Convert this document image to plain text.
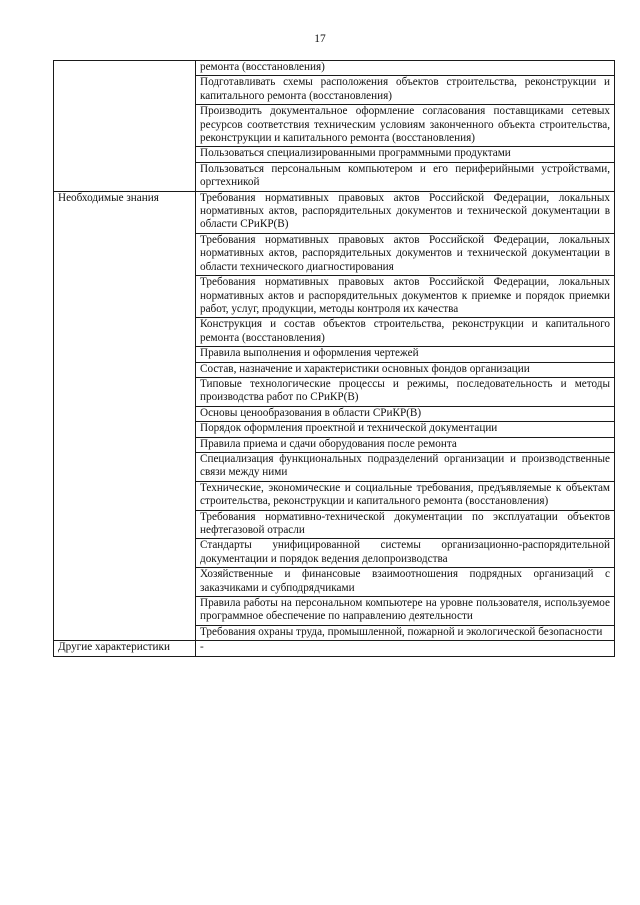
17
	ремонта (восстановления)
	Подготавливать схемы расположения объектов строительства, реконструкции и капитального ремонта (восстановления)
	Производить документальное оформление согласования поставщиками сетевых ресурсов соответствия техническим условиям законченного объекта строительства, реконструкции и капитального ремонта (восстановления)
	Пользоваться специализированными программными продуктами
	Пользоваться персональным компьютером и его периферийными устройствами, оргтехникой
Необходимые знания	Требования нормативных правовых актов Российской Федерации, локальных нормативных актов, распорядительных документов и технической документации в области СРиКР(В)
	Требования нормативных правовых актов Российской Федерации, локальных нормативных актов, распорядительных документов и технической документации в области технического диагностирования
	Требования нормативных правовых актов Российской Федерации, локальных нормативных актов и распорядительных документов к приемке и порядок приемки работ, услуг, продукции, методы контроля их качества
	Конструкция и состав объектов строительства, реконструкции и капитального ремонта (восстановления)
	Правила выполнения и оформления чертежей
	Состав, назначение и характеристики основных фондов организации
	Типовые технологические процессы и режимы, последовательность и методы производства работ по СРиКР(В)
	Основы ценообразования в области СРиКР(В)
	Порядок оформления проектной и технической документации
	Правила приема и сдачи оборудования после ремонта
	Специализация функциональных подразделений организации и производственные связи между ними
	Технические, экономические и социальные требования, предъявляемые к объектам строительства, реконструкции и капитального ремонта (восстановления)
	Требования нормативно-технической документации по эксплуатации объектов нефтегазовой отрасли
	Стандарты унифицированной системы организационно-распорядительной документации и порядок ведения делопроизводства
	Хозяйственные и финансовые взаимоотношения подрядных организаций с заказчиками и субподрядчиками
	Правила работы на персональном компьютере на уровне пользователя, используемое программное обеспечение по направлению деятельности
	Требования охраны труда, промышленной, пожарной и экологической безопасности
Другие характеристики	-
